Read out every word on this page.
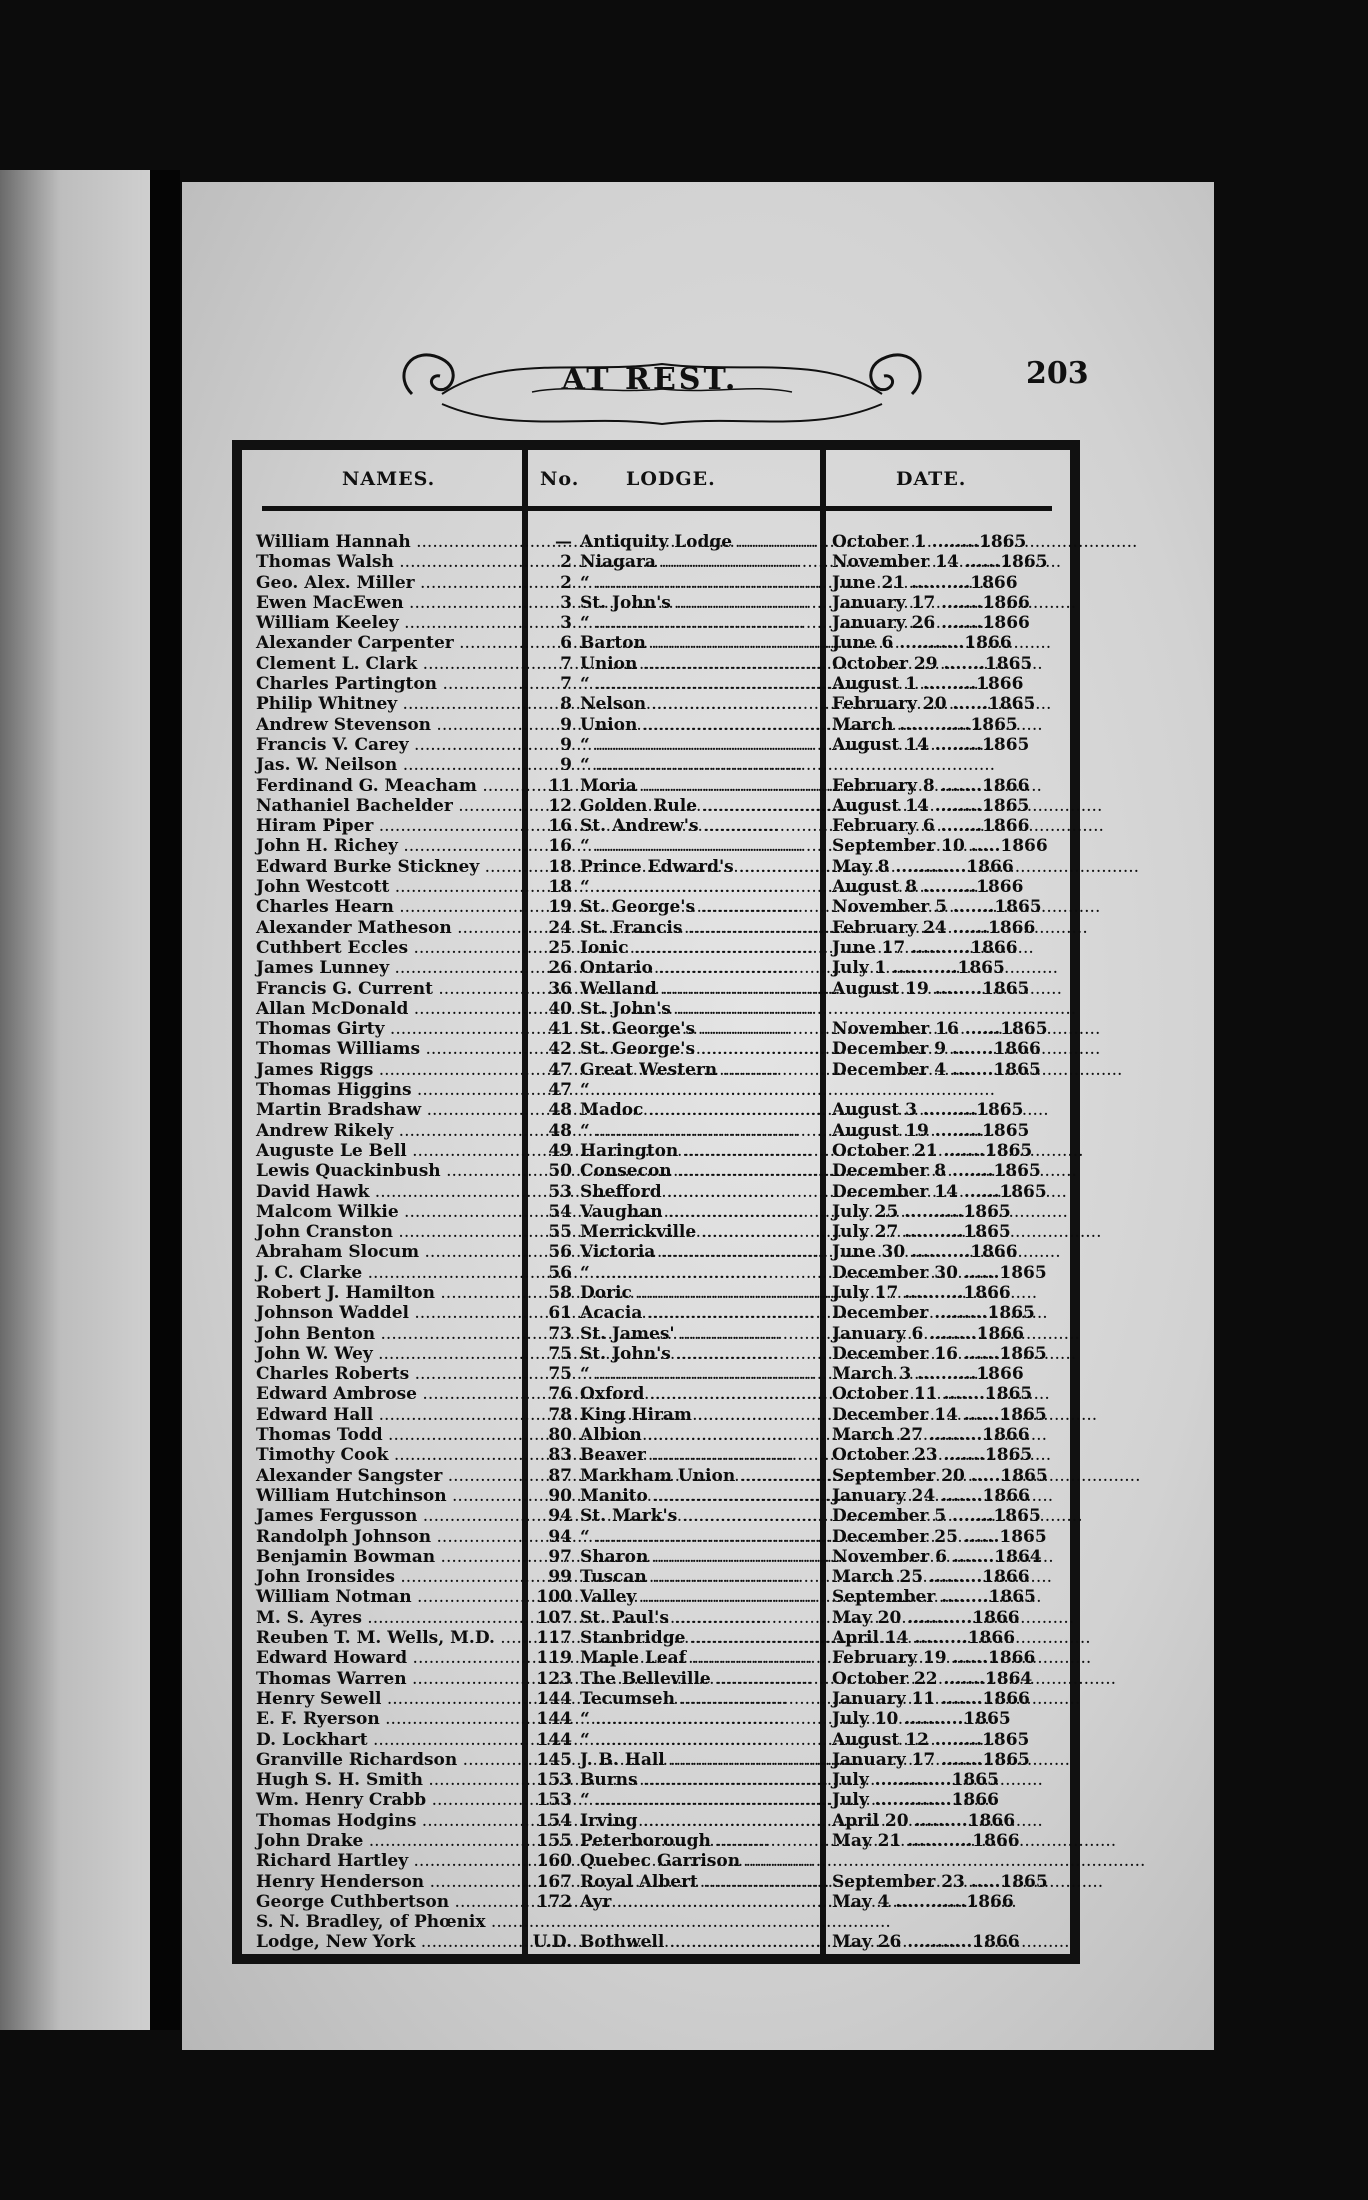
AT REST.	203
NAMES.	No. LODGE.	DATE.
William Hannah .....	— Antiquity Lodge .....	October 1 ........1865
Thomas Walsh .....	2 Niagara .....	November 14 ......1865
Geo. Alex. Miller .....	2 “ .....	June 21 ..........1866
Ewen MacEwen .....	3 St. John's .....	January 17 .......1866
William Keeley .....	3 “ .....	January 26 .......1866
Alexander Carpenter .....	6 Barton .....	June 6 ...........1866
Clement L. Clark .....	7 Union .....	October 29 .......1865
Charles Partington .....	7 “ .....	August 1 .........1866
Philip Whitney .....	8 Nelson .....	February 20 ......1865
Andrew Stevenson .....	9 Union .....	March ............1865
Francis V. Carey .....	9 “ .....	August 14 ........1865
Jas. W. Neilson .....	9 “ .....
Ferdinand G. Meacham .....	11 Moria .....	February 8 .......1866
Nathaniel Bachelder .....	12 Golden Rule .....	August 14 ........1865
Hiram Piper .....	16 St. Andrew's .....	February 6 .......1866
John H. Richey .....	16 “ .....	September 10 .....1866
Edward Burke Stickney .....	18 Prince Edward's .....	May 8 ............1866
John Westcott .....	18 “ .....	August 8 .........1866
Charles Hearn .....	19 St. George's .....	November 5 .......1865
Alexander Matheson .....	24 St. Francis .....	February 24 ......1866
Cuthbert Eccles .....	25 Ionic .....	June 17 ..........1866
James Lunney .....	26 Ontario .....	July 1 ...........1865
Francis G. Current .....	36 Welland .....	August 19 ........1865
Allan McDonald .....	40 St. John's .....
Thomas Girty .....	41 St. George's .....	November 16 ......1865
Thomas Williams .....	42 St. George's .....	December 9 .......1866
James Riggs .....	47 Great Western .....	December 4 .......1865
Thomas Higgins .....	47 “ .....
Martin Bradshaw .....	48 Madoc .....	August 3 .........1865
Andrew Rikely .....	48 “ .....	August 19 ........1865
Auguste Le Bell .....	49 Harington .....	October 21 .......1865
Lewis Quackinbush .....	50 Consecon .....	December 8 .......1865
David Hawk .....	53 Shefford .....	December 14 ......1865
Malcom Wilkie .....	54 Vaughan .....	July 25 ..........1865
John Cranston .....	55 Merrickville .....	July 27 ..........1865
Abraham Slocum .....	56 Victoria .....	June 30 ..........1866
J. C. Clarke .....	56 “ .....	December 30 ......1865
Robert J. Hamilton .....	58 Doric .....	July 17 ..........1866
Johnson Waddel .....	61 Acacia .....	December .........1865
John Benton .....	73 St. James' .....	January 6 ........1866
John W. Wey .....	75 St. John's .....	December 16 ......1865
Charles Roberts .....	75 “ .....	March 3 ..........1866
Edward Ambrose .....	76 Oxford .....	October 11 .......1865
Edward Hall .....	78 King Hiram .....	December 14 ......1865
Thomas Todd .....	80 Albion .....	March 27 .........1866
Timothy Cook .....	83 Beaver .....	October 23 .......1865
Alexander Sangster .....	87 Markham Union .....	September 20 .....1865
William Hutchinson .....	90 Manito .....	January 24 .......1866
James Fergusson .....	94 St. Mark's .....	December 5 .......1865
Randolph Johnson .....	94 “ .....	December 25 ......1865
Benjamin Bowman .....	97 Sharon .....	November 6 .......1864
John Ironsides .....	99 Tuscan .....	March 25 .........1866
William Notman .....	100 Valley .....	September ........1865
M. S. Ayres .....	107 St. Paul's .....	May 20 ...........1866
Reuben T. M. Wells, M.D. .....	117 Stanbridge .....	April 14 .........1866
Edward Howard .....	119 Maple Leaf .....	February 19 ......1866
Thomas Warren .....	123 The Belleville .....	October 22 .......1864
Henry Sewell .....	144 Tecumseh .....	January 11 .......1866
E. F. Ryerson .....	144 “ .....	July 10 ..........1865
D. Lockhart .....	144 “ .....	August 12 ........1865
Granville Richardson .....	145 J. B. Hall .....	January 17 .......1865
Hugh S. H. Smith .....	153 Burns .....	July .............1865
Wm. Henry Crabb .....	153 “ .....	July .............1866
Thomas Hodgins .....	154 Irving .....	April 20 .........1866
John Drake .....	155 Peterborough .....	May 21 ...........1866
Richard Hartley .....	160 Quebec Garrison .....
Henry Henderson .....	167 Royal Albert .....	September 23 .....1865
George Cuthbertson .....	172 Ayr .....	May 4 ............1866
S. N. Bradley, of Phœnix .....
Lodge, New York .....	U.D. Bothwell .....	May 26 ...........1866
